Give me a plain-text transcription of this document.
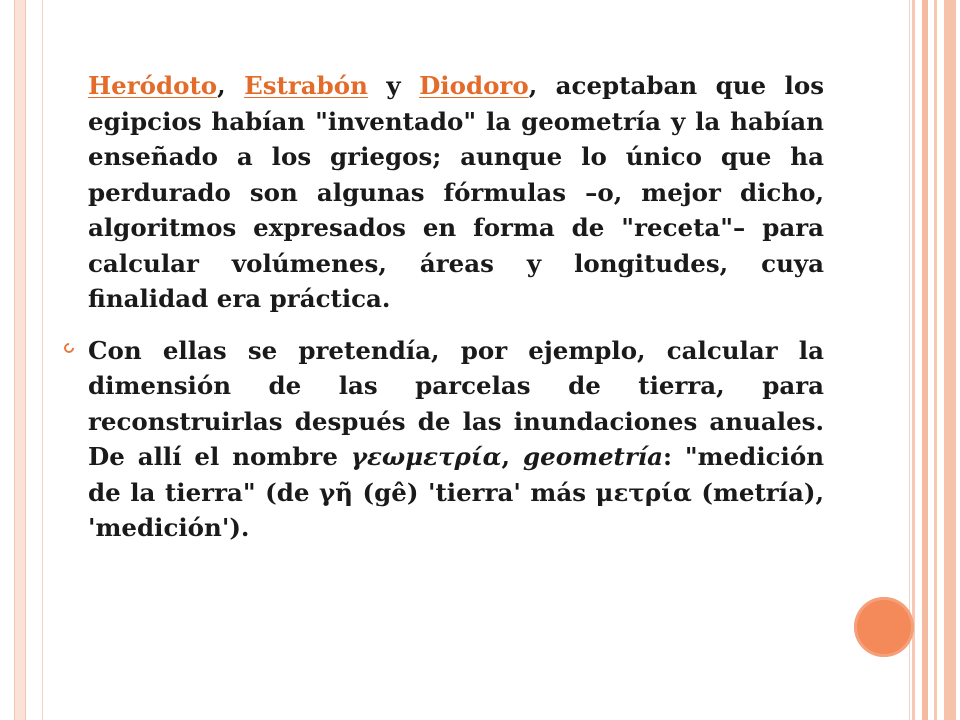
Heródoto, Estrabón y Diodoro, aceptaban que los egipcios habían "inventado" la geometría y la habían enseñado a los griegos; aunque lo único que ha perdurado son algunas fórmulas –o, mejor dicho, algoritmos expresados en forma de "receta"– para calcular volúmenes, áreas y longitudes, cuya finalidad era práctica.

Con ellas se pretendía, por ejemplo, calcular la dimensión de las parcelas de tierra, para reconstruirlas después de las inundaciones anuales. De allí el nombre γεωμετρία, geometría: "medición de la tierra" (de γῆ (gê) 'tierra' más μετρία (metría), 'medición').
